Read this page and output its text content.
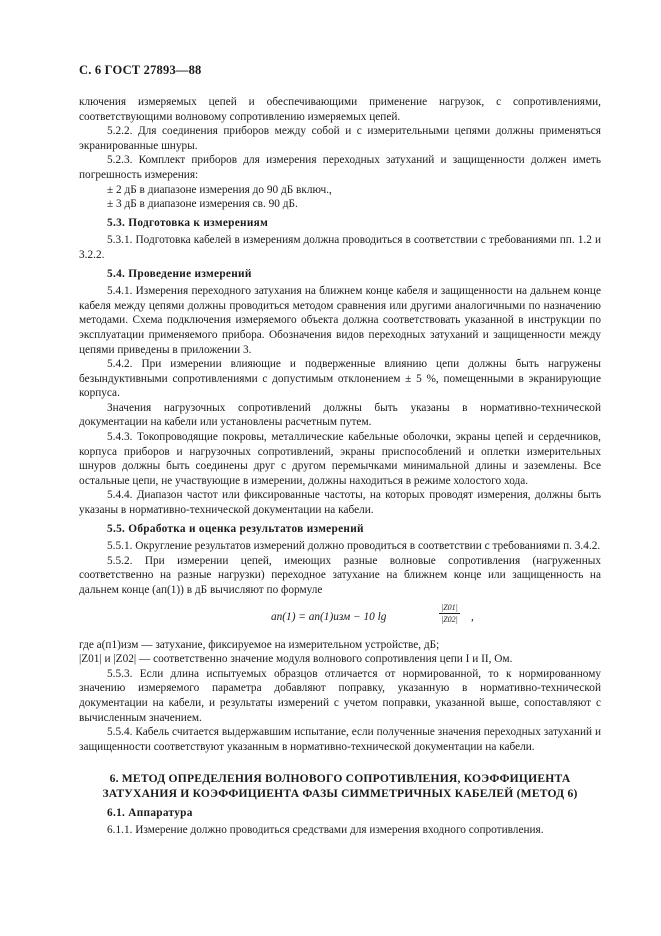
С. 6 ГОСТ 27893—88

ключения измеряемых цепей и обеспечивающими применение нагрузок, с сопротивлениями, соответствующими волновому сопротивлению измеряемых цепей.

5.2.2. Для соединения приборов между собой и с измерительными цепями должны применяться экранированные шнуры.

5.2.3. Комплект приборов для измерения переходных затуханий и защищенности должен иметь погрешность измерения:

± 2 дБ в диапазоне измерения до 90 дБ включ.,

± 3 дБ в диапазоне измерения св. 90 дБ.

5.3. Подготовка к измерениям

5.3.1. Подготовка кабелей в измерениям должна проводиться в соответствии с требованиями пп. 1.2 и 3.2.2.

5.4. Проведение измерений

5.4.1. Измерения переходного затухания на ближнем конце кабеля и защищенности на дальнем конце кабеля между цепями должны проводиться методом сравнения или другими аналогичными по назначению методами. Схема подключения измеряемого объекта должна соответствовать указанной в инструкции по эксплуатации применяемого прибора. Обозначения видов переходных затуханий и защищенности между цепями приведены в приложении 3.

5.4.2. При измерении влияющие и подверженные влиянию цепи должны быть нагружены безындуктивными сопротивлениями с допустимым отклонением ± 5 %, помещенными в экранирующие корпуса.

Значения нагрузочных сопротивлений должны быть указаны в нормативно-технической документации на кабели или установлены расчетным путем.

5.4.3. Токопроводящие покровы, металлические кабельные оболочки, экраны цепей и сердечников, корпуса приборов и нагрузочных сопротивлений, экраны приспособлений и оплетки измерительных шнуров должны быть соединены друг с другом перемычками минимальной длины и заземлены. Все остальные цепи, не участвующие в измерении, должны находиться в режиме холостого хода.

5.4.4. Диапазон частот или фиксированные частоты, на которых проводят измерения, должны быть указаны в нормативно-технической документации на кабели.

5.5. Обработка и оценка результатов измерений

5.5.1. Округление результатов измерений должно проводиться в соответствии с требованиями п. 3.4.2.

5.5.2. При измерении цепей, имеющих разные волновые сопротивления (нагруженных соответственно на разные нагрузки) переходное затухание на ближнем конце или защищенность на дальнем конце (aп(1)) в дБ вычисляют по формуле

aп(1) = aп(1)изм − 10 lg	$\frac{|Z01|}{|Z02|}$ ,

где a(п1)изм — затухание, фиксируемое на измерительном устройстве, дБ;

|Z01| и |Z02| — соответственно значение модуля волнового сопротивления цепи I и II, Ом.

5.5.3. Если длина испытуемых образцов отличается от нормированной, то к нормированному значению измеряемого параметра добавляют поправку, указанную в нормативно-технической документации на кабели, и результаты измерений с учетом поправки, указанной выше, сопоставляют с вычисленным значением.

5.5.4. Кабель считается выдержавшим испытание, если полученные значения переходных затуханий и защищенности соответствуют указанным в нормативно-технической документации на кабели.

6. МЕТОД ОПРЕДЕЛЕНИЯ ВОЛНОВОГО СОПРОТИВЛЕНИЯ, КОЭФФИЦИЕНТА ЗАТУХАНИЯ И КОЭФФИЦИЕНТА ФАЗЫ СИММЕТРИЧНЫХ КАБЕЛЕЙ (МЕТОД 6)
6.1. Аппаратура

6.1.1. Измерение должно проводиться средствами для измерения входного сопротивления.
